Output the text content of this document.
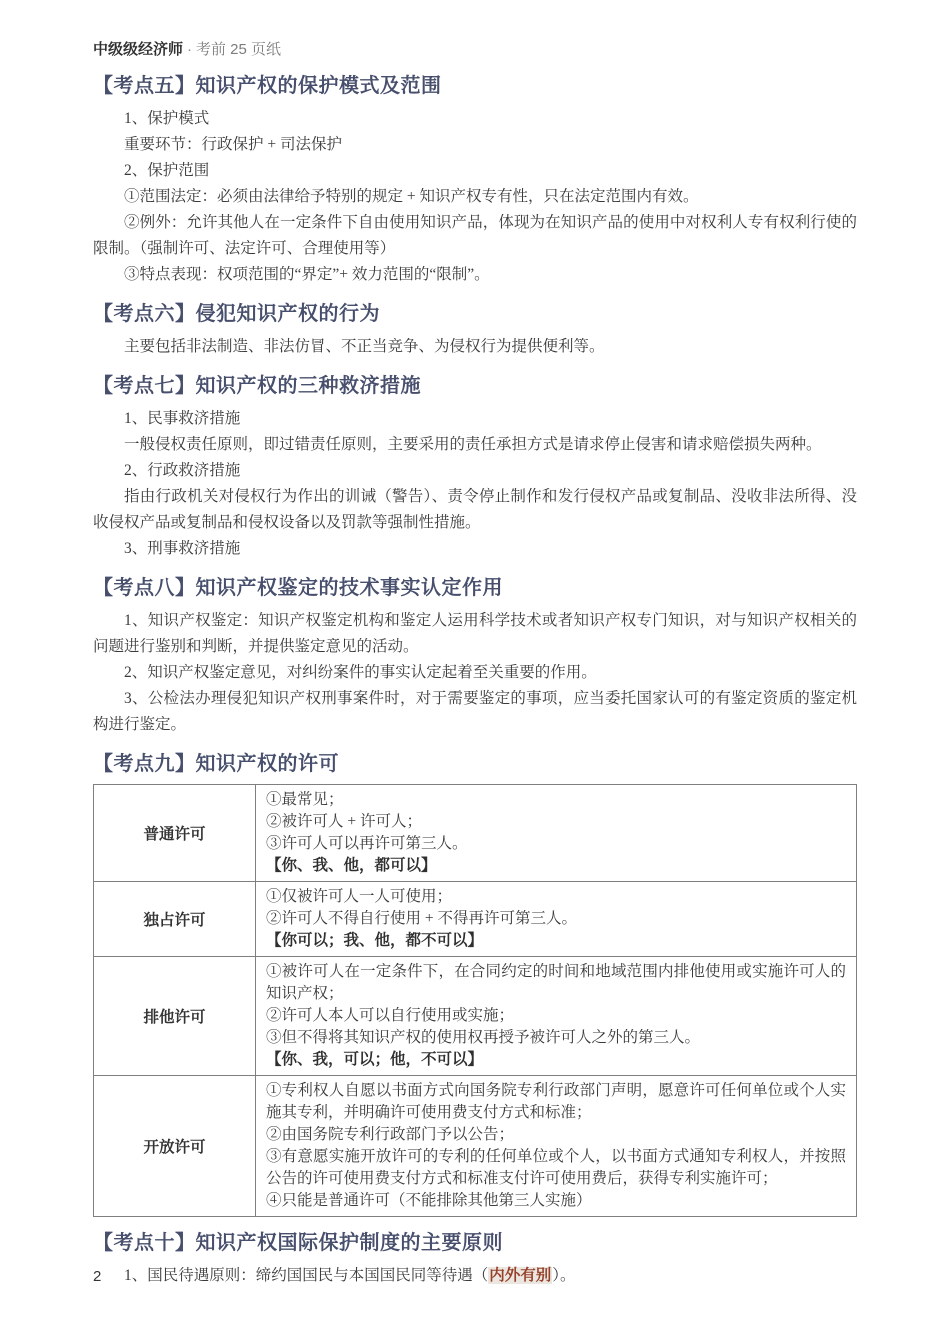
中级级经济师 · 考前 25 页纸
【考点五】知识产权的保护模式及范围

1、保护模式

重要环节：行政保护 + 司法保护

2、保护范围

①范围法定：必须由法律给予特别的规定 + 知识产权专有性，只在法定范围内有效。

②例外：允许其他人在一定条件下自由使用知识产品，体现为在知识产品的使用中对权利人专有权利行使的限制。（强制许可、法定许可、合理使用等）

③特点表现：权项范围的“界定”+ 效力范围的“限制”。

【考点六】侵犯知识产权的行为

主要包括非法制造、非法仿冒、不正当竞争、为侵权行为提供便利等。

【考点七】知识产权的三种救济措施

1、民事救济措施

一般侵权责任原则，即过错责任原则，主要采用的责任承担方式是请求停止侵害和请求赔偿损失两种。

2、行政救济措施

指由行政机关对侵权行为作出的训诫（警告）、责令停止制作和发行侵权产品或复制品、没收非法所得、没收侵权产品或复制品和侵权设备以及罚款等强制性措施。

3、刑事救济措施

【考点八】知识产权鉴定的技术事实认定作用

1、知识产权鉴定：知识产权鉴定机构和鉴定人运用科学技术或者知识产权专门知识，对与知识产权相关的问题进行鉴别和判断，并提供鉴定意见的活动。

2、知识产权鉴定意见，对纠纷案件的事实认定起着至关重要的作用。

3、公检法办理侵犯知识产权刑事案件时，对于需要鉴定的事项，应当委托国家认可的有鉴定资质的鉴定机构进行鉴定。

【考点九】知识产权的许可
普通许可	①最常见；
②被许可人 + 许可人；
③许可人可以再许可第三人。
【你、我、他，都可以】

独占许可	①仅被许可人一人可使用；
②许可人不得自行使用 + 不得再许可第三人。
【你可以；我、他，都不可以】

排他许可	①被许可人在一定条件下，在合同约定的时间和地域范围内排他使用或实施许可人的知识产权；
②许可人本人可以自行使用或实施；
③但不得将其知识产权的使用权再授予被许可人之外的第三人。
【你、我，可以；他，不可以】

开放许可	①专利权人自愿以书面方式向国务院专利行政部门声明，愿意许可任何单位或个人实施其专利，并明确许可使用费支付方式和标准；
②由国务院专利行政部门予以公告；
③有意愿实施开放许可的专利的任何单位或个人，以书面方式通知专利权人，并按照公告的许可使用费支付方式和标准支付许可使用费后，获得专利实施许可；
④只能是普通许可（不能排除其他第三人实施）
【考点十】知识产权国际保护制度的主要原则

1、国民待遇原则：缔约国国民与本国国民同等待遇（内外有别）。

2
